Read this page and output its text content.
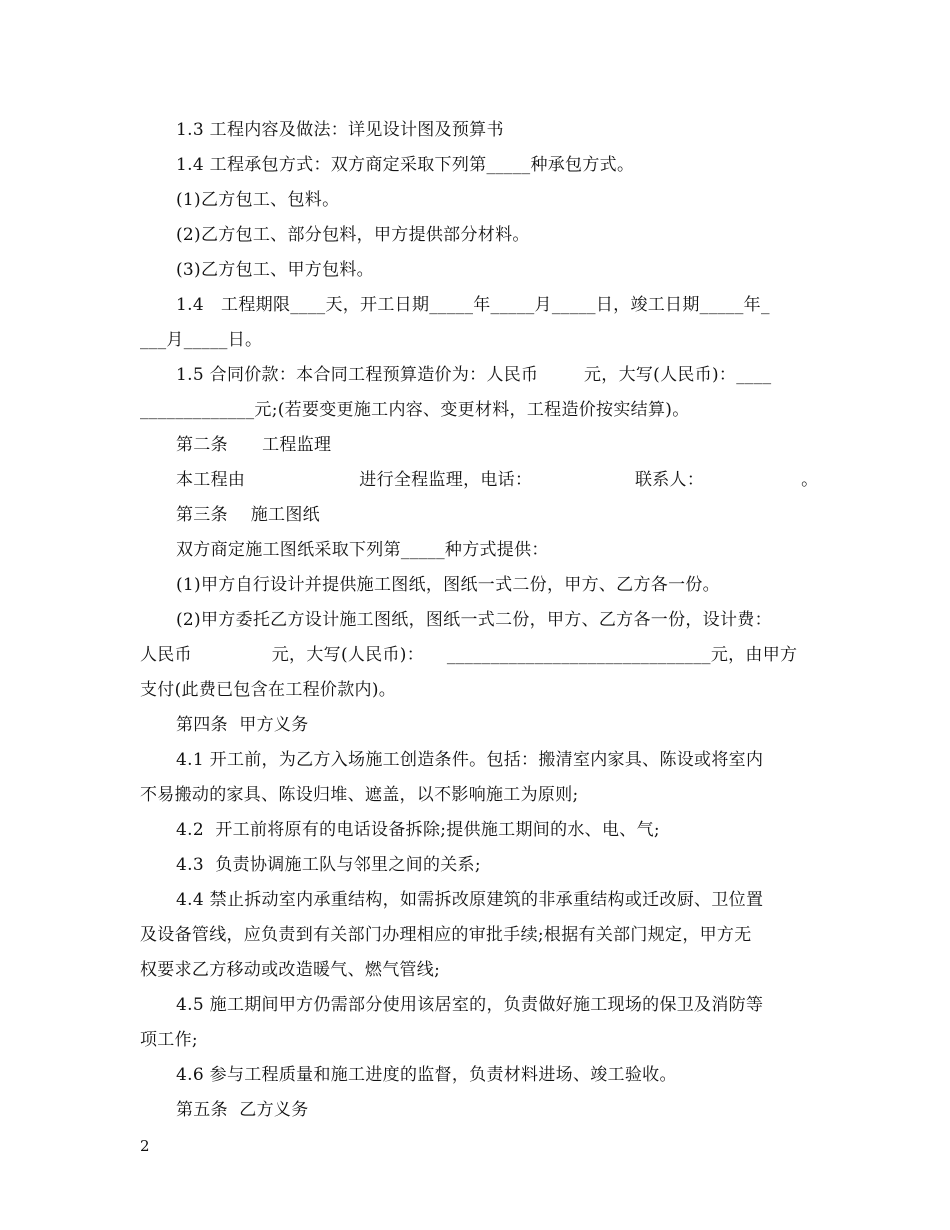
1.3 工程内容及做法：详见设计图及预算书
1.4 工程承包方式：双方商定采取下列第_____种承包方式。
(1)乙方包工、包料。
(2)乙方包工、部分包料，甲方提供部分材料。
(3)乙方包工、甲方包料。
1.4   工程期限____天，开工日期_____年_____月_____日，竣工日期_____年_
___月_____日。
1.5 合同价款：本合同工程预算造价为：人民币        元，大写(人民币)：____
_____________元;(若要变更施工内容、变更材料，工程造价按实结算)。
第二条      工程监理
本工程由                    进行全程监理，电话：                  联系人：                 。
第三条    施工图纸
双方商定施工图纸采取下列第_____种方式提供：
(1)甲方自行设计并提供施工图纸，图纸一式二份，甲方、乙方各一份。
(2)甲方委托乙方设计施工图纸，图纸一式二份，甲方、乙方各一份，设计费：
人民币              元，大写(人民币)：    ______________________________元，由甲方
支付(此费已包含在工程价款内)。
第四条  甲方义务
4.1 开工前，为乙方入场施工创造条件。包括：搬清室内家具、陈设或将室内
不易搬动的家具、陈设归堆、遮盖，以不影响施工为原则;
4.2  开工前将原有的电话设备拆除;提供施工期间的水、电、气;
4.3  负责协调施工队与邻里之间的关系;
4.4 禁止拆动室内承重结构，如需拆改原建筑的非承重结构或迁改厨、卫位置
及设备管线，应负责到有关部门办理相应的审批手续;根据有关部门规定，甲方无
权要求乙方移动或改造暖气、燃气管线;
4.5 施工期间甲方仍需部分使用该居室的，负责做好施工现场的保卫及消防等
项工作;
4.6 参与工程质量和施工进度的监督，负责材料进场、竣工验收。
第五条  乙方义务
2
